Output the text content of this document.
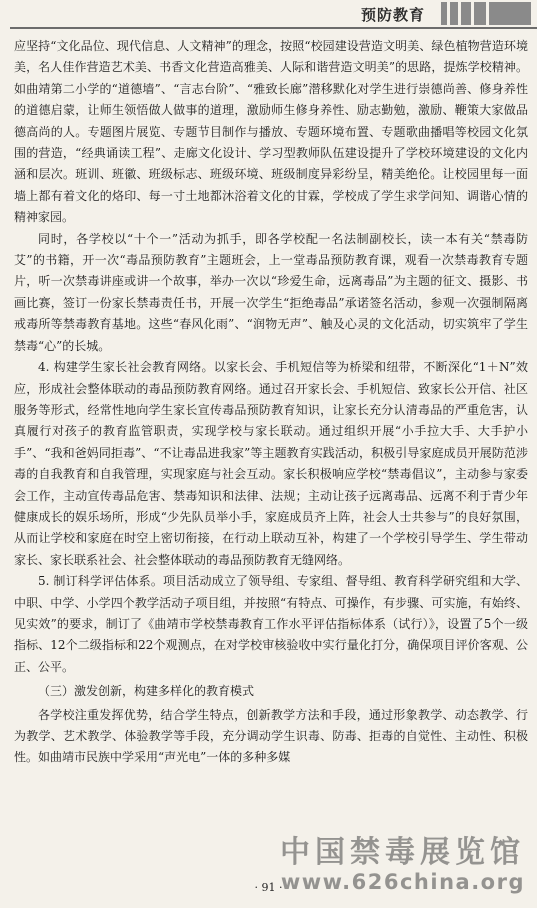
预防教育

应坚持“文化品位、现代信息、人文精神”的理念，按照“校园建设营造文明美、绿色植物营造环境美，名人佳作营造艺术美、书香文化营造高雅美、人际和谐营造文明美”的思路，提炼学校精神。如曲靖第二小学的“道德墙”、“言志台阶”、“雅致长廊”潜移默化对学生进行崇德尚善、修身养性的道德启蒙，让师生领悟做人做事的道理，激励师生修身养性、励志勤勉，激励、鞭策大家做品德高尚的人。专题图片展览、专题节目制作与播放、专题环境布置、专题歌曲播唱等校园文化氛围的营造，“经典诵读工程”、走廊文化设计、学习型教师队伍建设提升了学校环境建设的文化内涵和层次。班训、班徽、班级标志、班级环境、班级制度异彩纷呈，精美绝伦。让校园里每一面墙上都有着文化的烙印、每一寸土地都沐浴着文化的甘霖，学校成了学生求学问知、调谐心情的精神家园。

同时，各学校以“十个一”活动为抓手，即各学校配一名法制副校长，读一本有关“禁毒防艾”的书籍，开一次“毒品预防教育”主题班会，上一堂毒品预防教育课，观看一次禁毒教育专题片，听一次禁毒讲座或讲一个故事，举办一次以“珍爱生命，远离毒品”为主题的征文、摄影、书画比赛，签订一份家长禁毒责任书，开展一次学生“拒绝毒品”承诺签名活动，参观一次强制隔离戒毒所等禁毒教育基地。这些“春风化雨”、“润物无声”、触及心灵的文化活动，切实筑牢了学生禁毒“心”的长城。

4. 构建学生家长社会教育网络。以家长会、手机短信等为桥梁和纽带，不断深化“1＋N”效应，形成社会整体联动的毒品预防教育网络。通过召开家长会、手机短信、致家长公开信、社区服务等形式，经常性地向学生家长宣传毒品预防教育知识，让家长充分认清毒品的严重危害，认真履行对孩子的教育监管职责，实现学校与家长联动。通过组织开展“小手拉大手、大手护小手”、“我和爸妈同拒毒”、“不让毒品进我家”等主题教育实践活动，积极引导家庭成员开展防范涉毒的自我教育和自我管理，实现家庭与社会互动。家长积极响应学校“禁毒倡议”，主动参与家委会工作，主动宣传毒品危害、禁毒知识和法律、法规；主动让孩子远离毒品、远离不利于青少年健康成长的娱乐场所，形成“少先队员举小手，家庭成员齐上阵，社会人士共参与”的良好氛围，从而让学校和家庭在时空上密切衔接，在行动上联动互补，构建了一个学校引导学生、学生带动家长、家长联系社会、社会整体联动的毒品预防教育无缝网络。

5. 制订科学评估体系。项目活动成立了领导组、专家组、督导组、教育科学研究组和大学、中职、中学、小学四个教学活动子项目组，并按照“有特点、可操作，有步骤、可实施，有始终、见实效”的要求，制订了《曲靖市学校禁毒教育工作水平评估指标体系（试行）》，设置了5个一级指标、12个二级指标和22个观测点，在对学校审核验收中实行量化打分，确保项目评价客观、公正、公平。

（三）激发创新，构建多样化的教育模式

各学校注重发挥优势，结合学生特点，创新教学方法和手段，通过形象教学、动态教学、行为教学、艺术教学、体验教学等手段，充分调动学生识毒、防毒、拒毒的自觉性、主动性、积极性。如曲靖市民族中学采用“声光电”一体的多种多媒

· 91 ·
中国禁毒展览馆
www.626china.org
